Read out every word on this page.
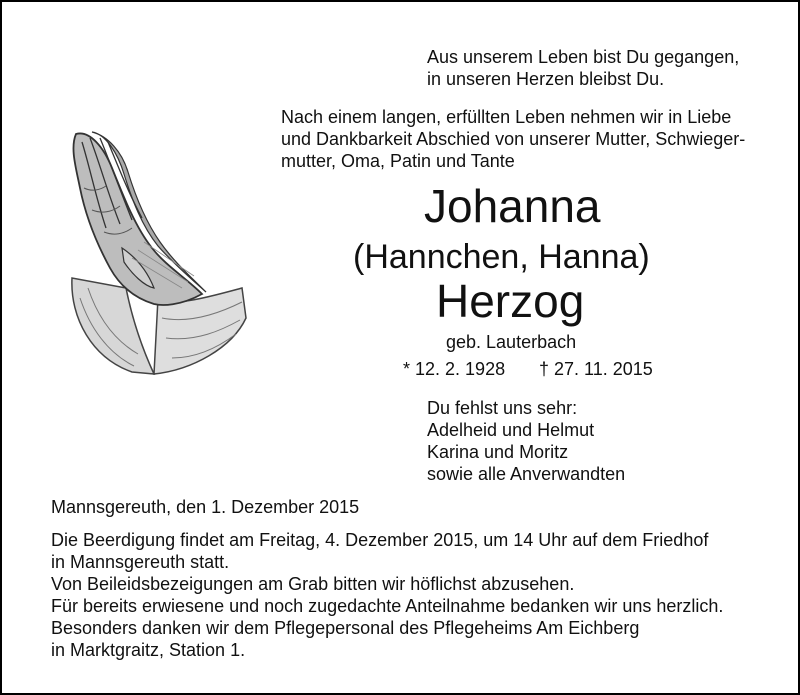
Aus unserem Leben bist Du gegangen,
in unseren Herzen bleibst Du.
Nach einem langen, erfüllten Leben nehmen wir in Liebe
und Dankbarkeit Abschied von unserer Mutter, Schwieger-
mutter, Oma, Patin und Tante
Johanna
(Hannchen, Hanna)
Herzog
geb. Lauterbach
* 12. 2. 1928 † 27. 11. 2015
Du fehlst uns sehr:
Adelheid und Helmut
Karina und Moritz
sowie alle Anverwandten
Mannsgereuth, den 1. Dezember 2015
Die Beerdigung findet am Freitag, 4. Dezember 2015, um 14 Uhr auf dem Friedhof
in Mannsgereuth statt.
Von Beileidsbezeigungen am Grab bitten wir höflichst abzusehen.
Für bereits erwiesene und noch zugedachte Anteilnahme bedanken wir uns herzlich.
Besonders danken wir dem Pflegepersonal des Pflegeheims Am Eichberg
in Marktgraitz, Station 1.
